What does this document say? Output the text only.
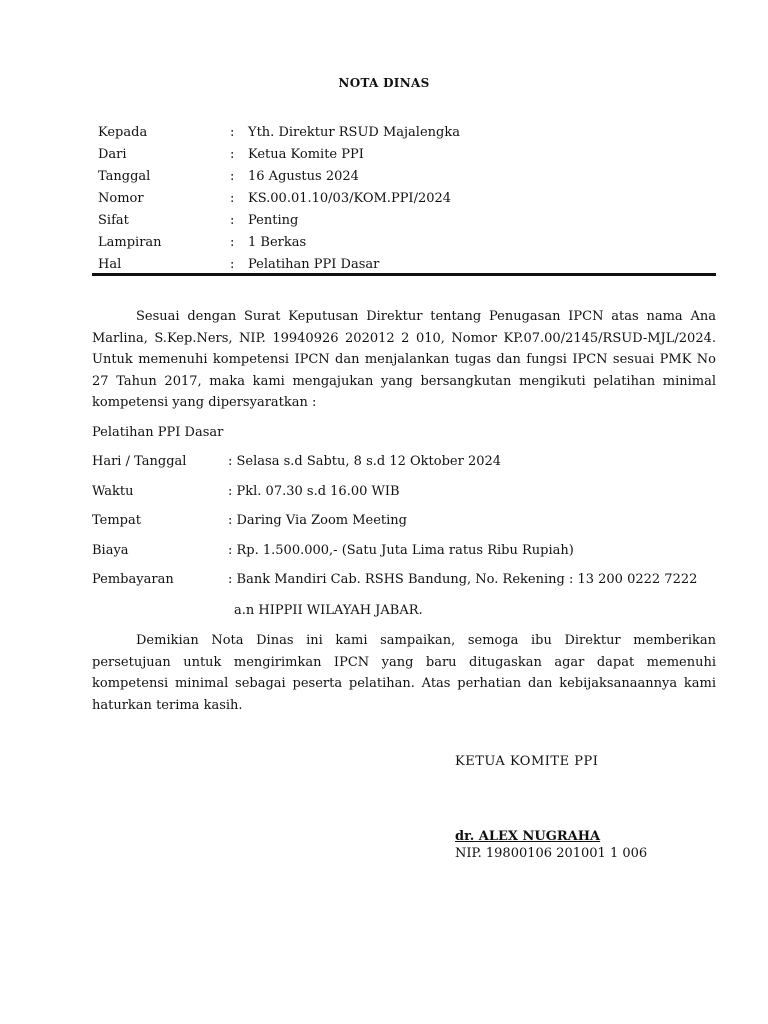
NOTA DINAS
Kepada	:	Yth. Direktur RSUD Majalengka
Dari	:	Ketua Komite PPI
Tanggal	:	16 Agustus 2024
Nomor	:	KS.00.01.10/03/KOM.PPI/2024
Sifat	:	Penting
Lampiran	:	1 Berkas
Hal	:	Pelatihan PPI Dasar

Sesuai dengan Surat Keputusan Direktur tentang Penugasan IPCN atas nama Ana Marlina, S.Kep.Ners, NIP. 19940926 202012 2 010, Nomor KP.07.00/2145/RSUD-MJL/2024. Untuk memenuhi kompetensi IPCN dan menjalankan tugas dan fungsi IPCN sesuai PMK No 27 Tahun 2017, maka kami mengajukan yang bersangkutan mengikuti pelatihan minimal kompetensi yang dipersyaratkan :

Pelatihan PPI Dasar
Hari / Tanggal	: Selasa s.d Sabtu, 8 s.d 12 Oktober 2024
Waktu	: Pkl. 07.30 s.d 16.00 WIB
Tempat	: Daring Via Zoom Meeting
Biaya	: Rp. 1.500.000,- (Satu Juta Lima ratus Ribu Rupiah)
Pembayaran	: Bank Mandiri Cab. RSHS Bandung, No. Rekening : 13 200 0222 7222
a.n HIPPII WILAYAH JABAR.

Demikian Nota Dinas ini kami sampaikan, semoga ibu Direktur memberikan persetujuan untuk mengirimkan IPCN yang baru ditugaskan agar dapat memenuhi kompetensi minimal sebagai peserta pelatihan. Atas perhatian dan kebijaksanaannya kami haturkan terima kasih.

KETUA KOMITE PPI
dr. ALEX NUGRAHA
NIP. 19800106 201001 1 006
